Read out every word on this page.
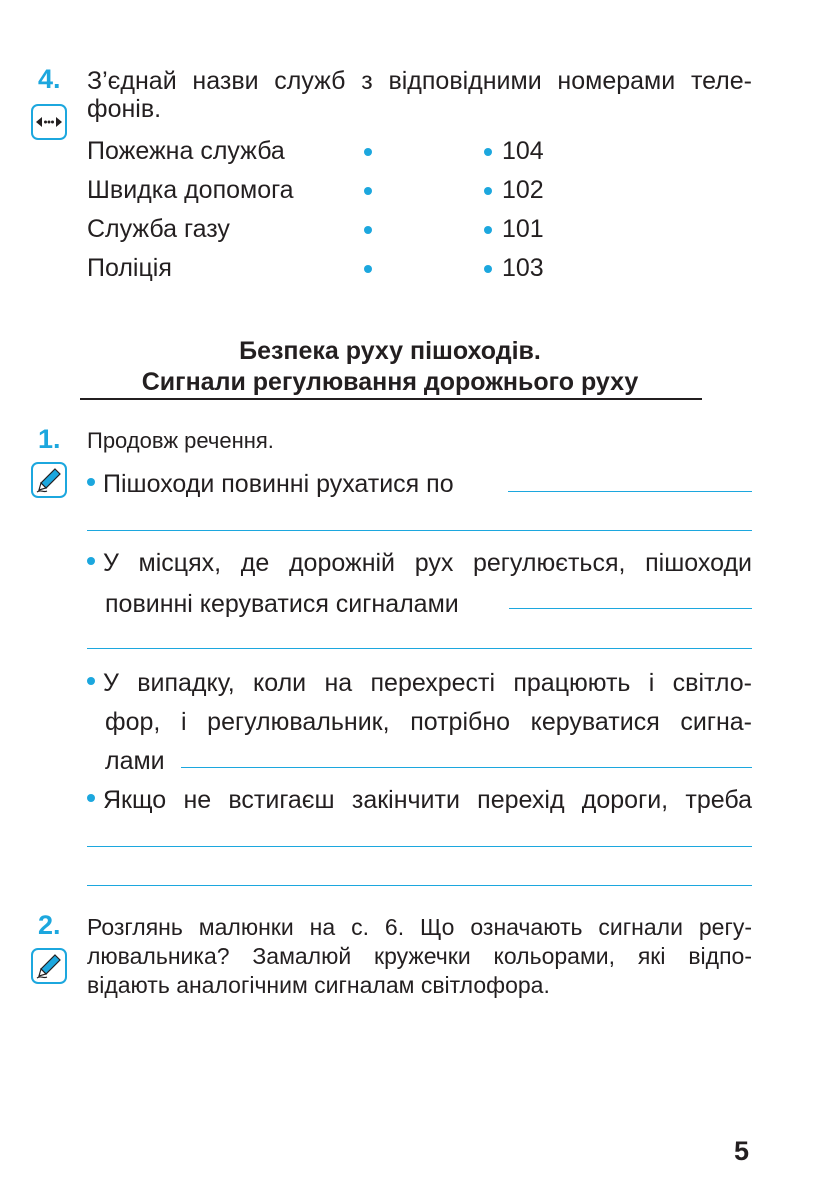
4. З’єднай назви служб з відповідними номерами теле-
фонів.
Пожежна служба
Швидка допомога
Служба газу
Поліція
104
102
101
103
Безпека руху пішоходів.
Сигнали регулювання дорожнього руху
1. Продовж речення.
Пішоходи повинні рухатися по
У місцях, де дорожній рух регулюється, пішоходи
повинні керуватися сигналами
У випадку, коли на перехресті працюють і світло-
фор, і регулювальник, потрібно керуватися сигна-
лами
Якщо не встигаєш закінчити перехід дороги, треба
2. Розглянь малюнки на с. 6. Що означають сигнали регу-
лювальника? Замалюй кружечки кольорами, які відпо-
відають аналогічним сигналам світлофора.
5
